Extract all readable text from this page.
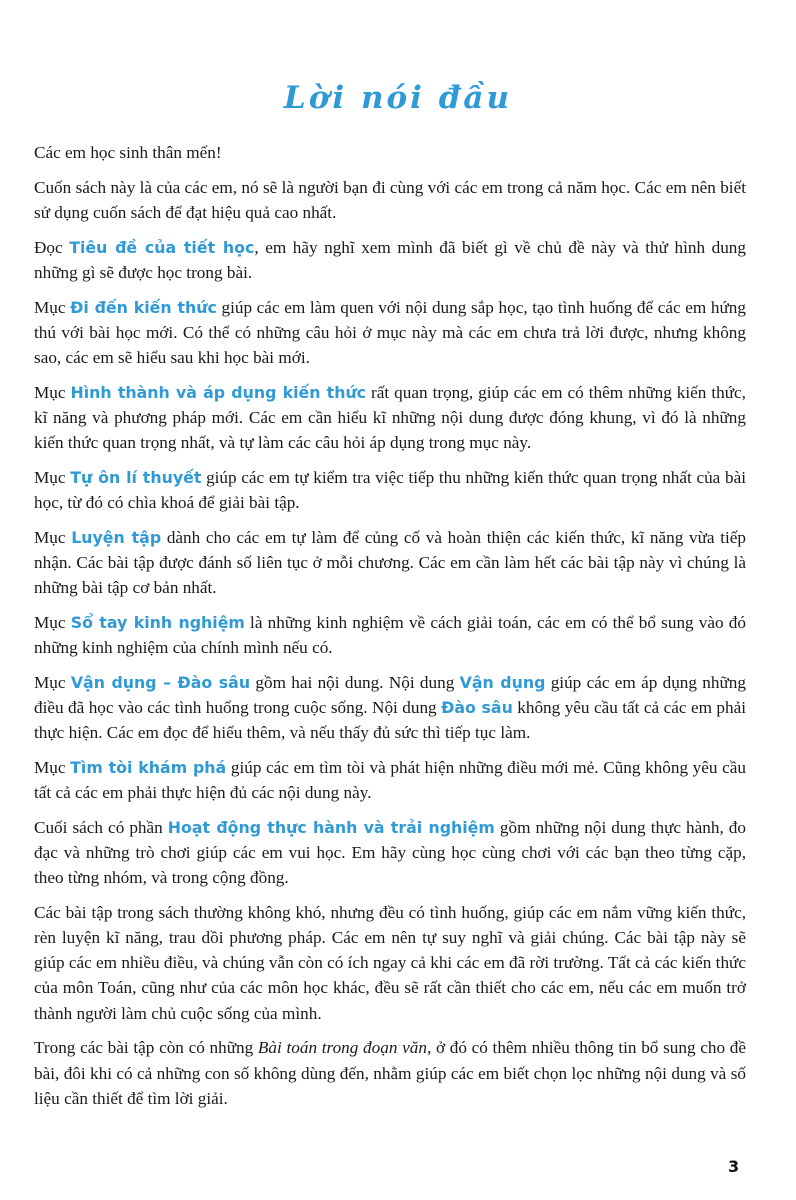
Lời nói đầu

Các em học sinh thân mến!

Cuốn sách này là của các em, nó sẽ là người bạn đi cùng với các em trong cả năm học. Các em nên biết sử dụng cuốn sách để đạt hiệu quả cao nhất.

Đọc Tiêu đề của tiết học, em hãy nghĩ xem mình đã biết gì về chủ đề này và thử hình dung những gì sẽ được học trong bài.

Mục Đi đến kiến thức giúp các em làm quen với nội dung sắp học, tạo tình huống để các em hứng thú với bài học mới. Có thể có những câu hỏi ở mục này mà các em chưa trả lời được, nhưng không sao, các em sẽ hiểu sau khi học bài mới.

Mục Hình thành và áp dụng kiến thức rất quan trọng, giúp các em có thêm những kiến thức, kĩ năng và phương pháp mới. Các em cần hiểu kĩ những nội dung được đóng khung, vì đó là những kiến thức quan trọng nhất, và tự làm các câu hỏi áp dụng trong mục này.

Mục Tự ôn lí thuyết giúp các em tự kiểm tra việc tiếp thu những kiến thức quan trọng nhất của bài học, từ đó có chìa khoá để giải bài tập.

Mục Luyện tập dành cho các em tự làm để củng cố và hoàn thiện các kiến thức, kĩ năng vừa tiếp nhận. Các bài tập được đánh số liên tục ở mỗi chương. Các em cần làm hết các bài tập này vì chúng là những bài tập cơ bản nhất.

Mục Sổ tay kinh nghiệm là những kinh nghiệm về cách giải toán, các em có thể bổ sung vào đó những kinh nghiệm của chính mình nếu có.

Mục Vận dụng – Đào sâu gồm hai nội dung. Nội dung Vận dụng giúp các em áp dụng những điều đã học vào các tình huống trong cuộc sống. Nội dung Đào sâu không yêu cầu tất cả các em phải thực hiện. Các em đọc để hiểu thêm, và nếu thấy đủ sức thì tiếp tục làm.

Mục Tìm tòi khám phá giúp các em tìm tòi và phát hiện những điều mới mẻ. Cũng không yêu cầu tất cả các em phải thực hiện đủ các nội dung này.

Cuối sách có phần Hoạt động thực hành và trải nghiệm gồm những nội dung thực hành, đo đạc và những trò chơi giúp các em vui học. Em hãy cùng học cùng chơi với các bạn theo từng cặp, theo từng nhóm, và trong cộng đồng.

Các bài tập trong sách thường không khó, nhưng đều có tình huống, giúp các em nắm vững kiến thức, rèn luyện kĩ năng, trau dồi phương pháp. Các em nên tự suy nghĩ và giải chúng. Các bài tập này sẽ giúp các em nhiều điều, và chúng vẫn còn có ích ngay cả khi các em đã rời trường. Tất cả các kiến thức của môn Toán, cũng như của các môn học khác, đều sẽ rất cần thiết cho các em, nếu các em muốn trở thành người làm chủ cuộc sống của mình.

Trong các bài tập còn có những Bài toán trong đoạn văn, ở đó có thêm nhiều thông tin bổ sung cho đề bài, đôi khi có cả những con số không dùng đến, nhằm giúp các em biết chọn lọc những nội dung và số liệu cần thiết để tìm lời giải.

3
